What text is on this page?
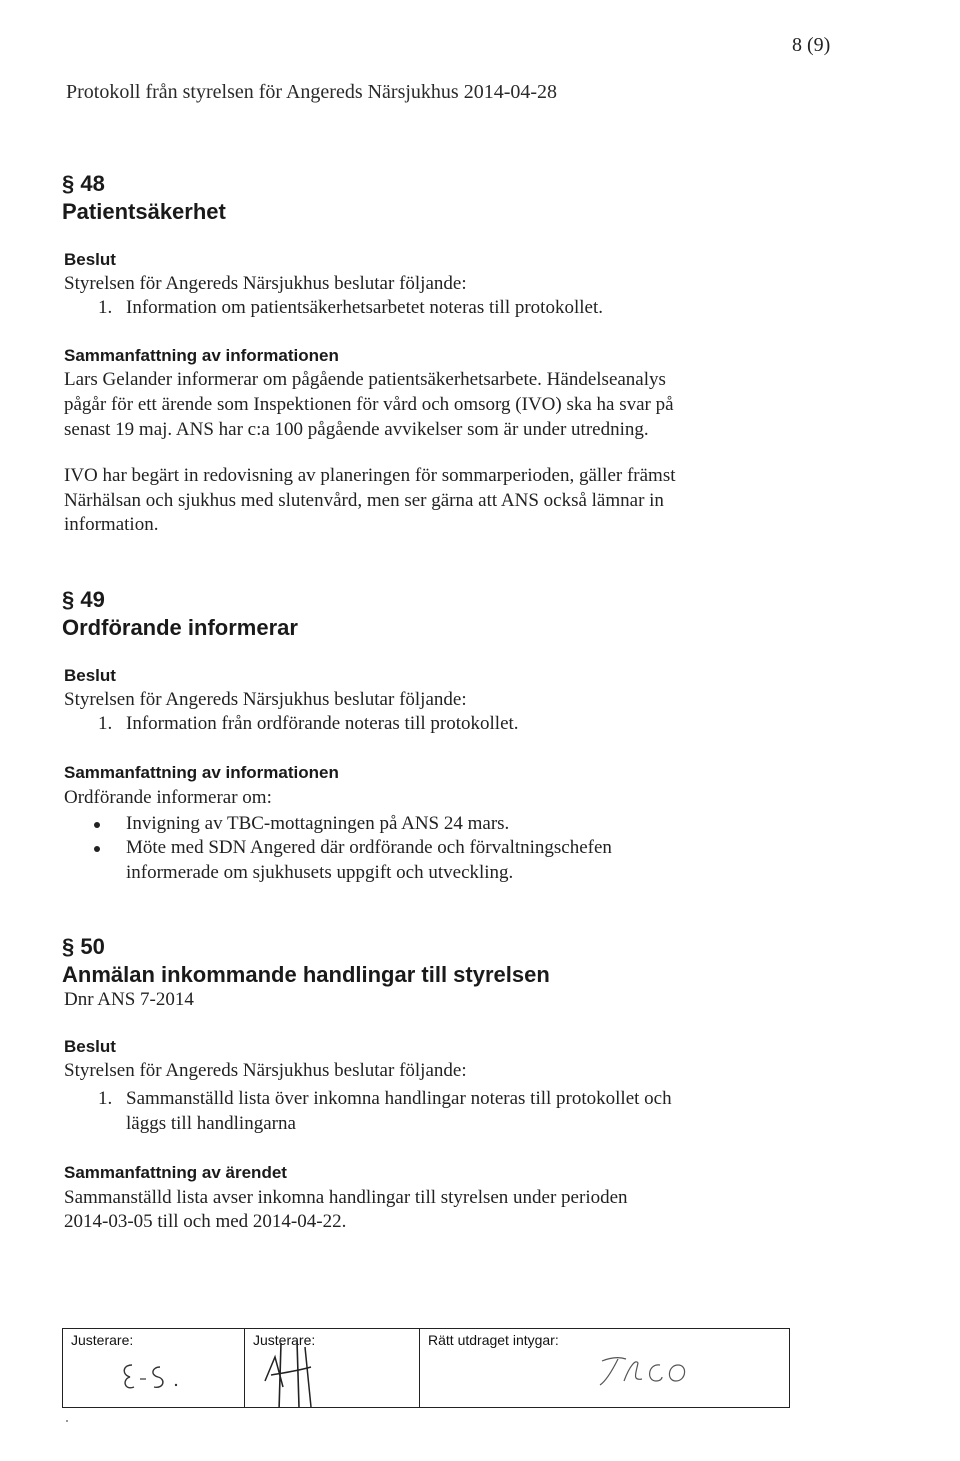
8 (9)
Protokoll från styrelsen för Angereds Närsjukhus 2014-04-28
§ 48
Patientsäkerhet
Beslut
Styrelsen för Angereds Närsjukhus beslutar följande:
1. Information om patientsäkerhetsarbetet noteras till protokollet.
Sammanfattning av informationen
Lars Gelander informerar om pågående patientsäkerhetsarbete. Händelseanalys
pågår för ett ärende som Inspektionen för vård och omsorg (IVO) ska ha svar på
senast 19 maj. ANS har c:a 100 pågående avvikelser som är under utredning.
IVO har begärt in redovisning av planeringen för sommarperioden, gäller främst
Närhälsan och sjukhus med slutenvård, men ser gärna att ANS också lämnar in
information.
§ 49
Ordförande informerar
Beslut
Styrelsen för Angereds Närsjukhus beslutar följande:
1. Information från ordförande noteras till protokollet.
Sammanfattning av informationen
Ordförande informerar om:
Invigning av TBC-mottagningen på ANS 24 mars.
Möte med SDN Angered där ordförande och förvaltningschefen
informerade om sjukhusets uppgift och utveckling.
§ 50
Anmälan inkommande handlingar till styrelsen
Dnr ANS 7-2014
Beslut
Styrelsen för Angereds Närsjukhus beslutar följande:
1. Sammanställd lista över inkomna handlingar noteras till protokollet och
läggs till handlingarna
Sammanfattning av ärendet
Sammanställd lista avser inkomna handlingar till styrelsen under perioden
2014-03-05 till och med 2014-04-22.
Justerare:	Justerare:	Rätt utdraget intygar:
